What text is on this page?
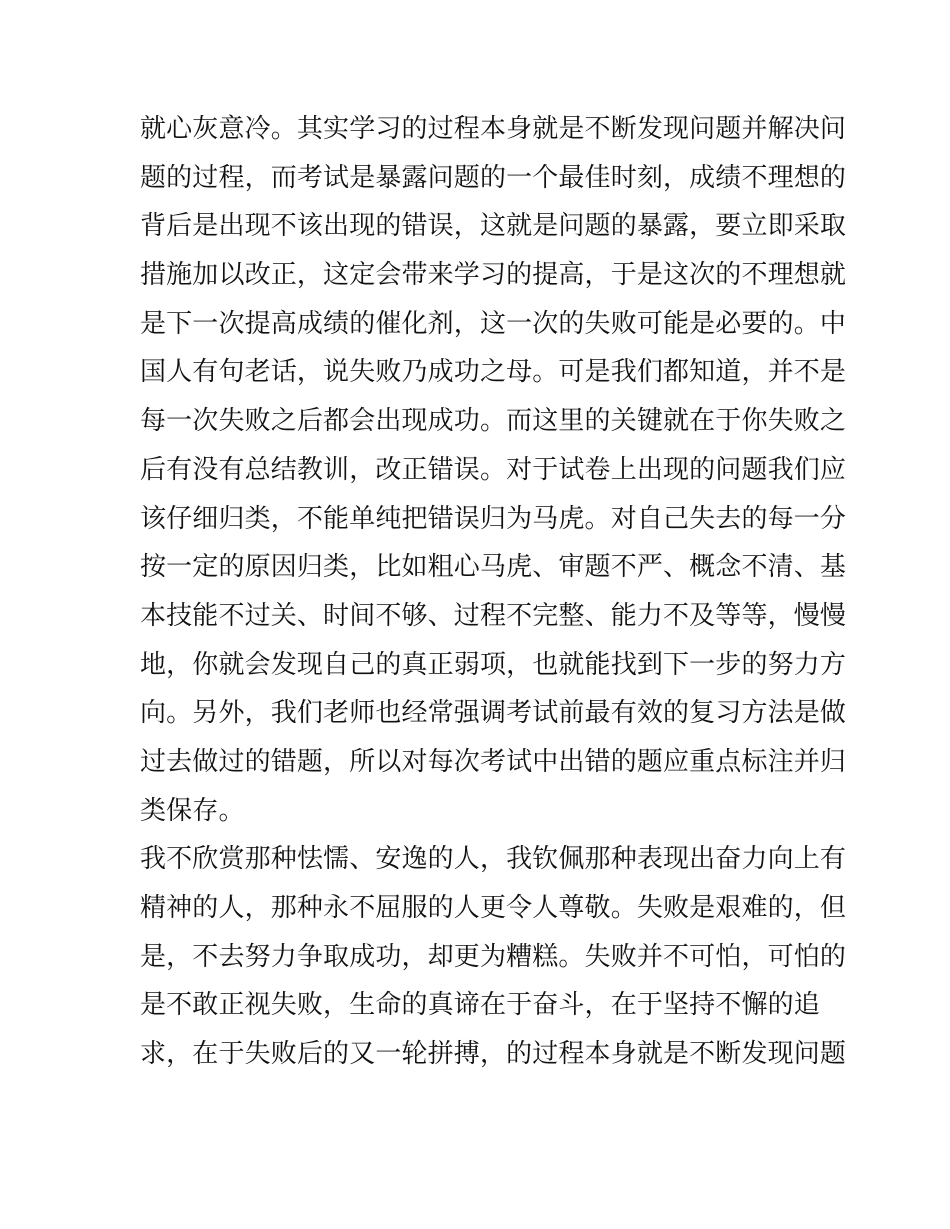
就心灰意冷。其实学习的过程本身就是不断发现问题并解决问
题的过程，而考试是暴露问题的一个最佳时刻，成绩不理想的
背后是出现不该出现的错误，这就是问题的暴露，要立即采取
措施加以改正，这定会带来学习的提高，于是这次的不理想就
是下一次提高成绩的催化剂，这一次的失败可能是必要的。中
国人有句老话，说失败乃成功之母。可是我们都知道，并不是
每一次失败之后都会出现成功。而这里的关键就在于你失败之
后有没有总结教训，改正错误。对于试卷上出现的问题我们应
该仔细归类，不能单纯把错误归为马虎。对自己失去的每一分
按一定的原因归类，比如粗心马虎、审题不严、概念不清、基
本技能不过关、时间不够、过程不完整、能力不及等等，慢慢
地，你就会发现自己的真正弱项，也就能找到下一步的努力方
向。另外，我们老师也经常强调考试前最有效的复习方法是做
过去做过的错题，所以对每次考试中出错的题应重点标注并归
类保存。
我不欣赏那种怯懦、安逸的人，我钦佩那种表现出奋力向上有
精神的人，那种永不屈服的人更令人尊敬。失败是艰难的，但
是，不去努力争取成功，却更为糟糕。失败并不可怕，可怕的
是不敢正视失败，生命的真谛在于奋斗，在于坚持不懈的追
求，在于失败后的又一轮拼搏，的过程本身就是不断发现问题
